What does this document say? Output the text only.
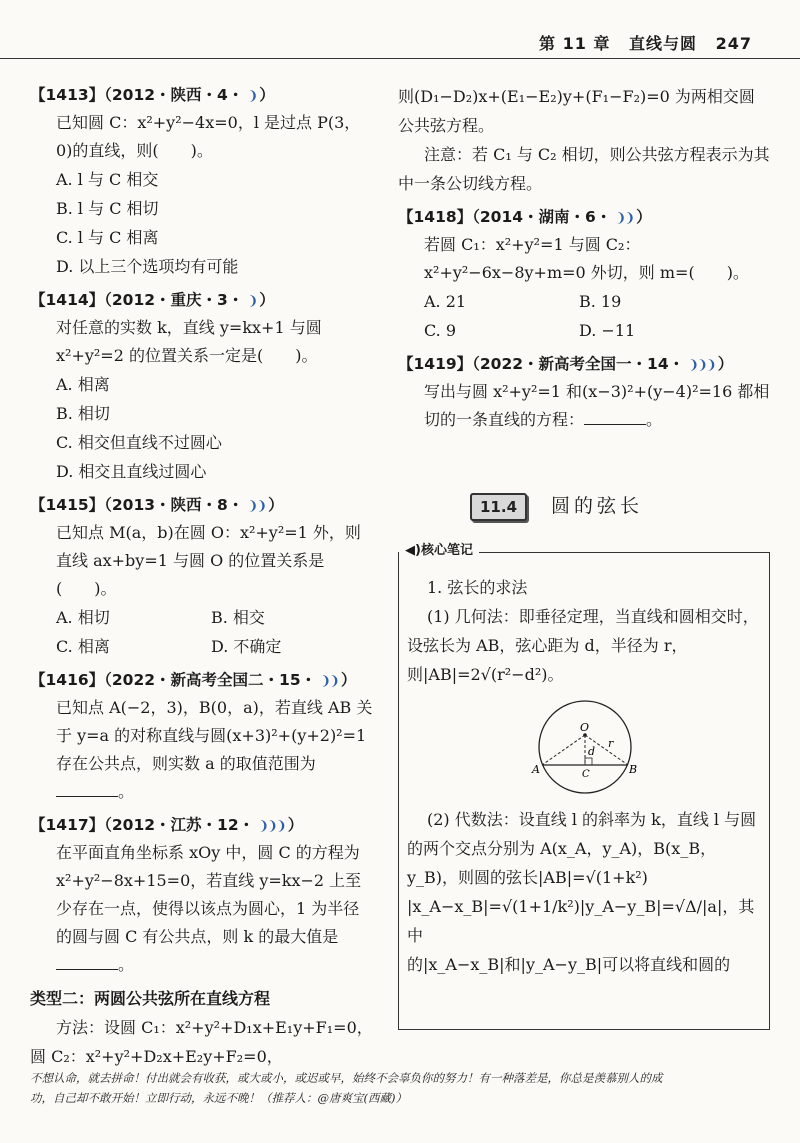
第 11 章 直线与圆 247
【1413】（2012・陕西・4・ ❩ ）
已知圆 C：x²+y²−4x=0，l 是过点 P(3，0)的直线，则(　　)。
A. l 与 C 相交
B. l 与 C 相切
C. l 与 C 相离
D. 以上三个选项均有可能
【1414】（2012・重庆・3・ ❩ ）
对任意的实数 k，直线 y=kx+1 与圆 x²+y²=2 的位置关系一定是(　　)。
A. 相离
B. 相切
C. 相交但直线不过圆心
D. 相交且直线过圆心
【1415】（2013・陕西・8・ ❩❩ ）
已知点 M(a，b)在圆 O：x²+y²=1 外，则直线 ax+by=1 与圆 O 的位置关系是(　　)。
A. 相切	B. 相交
C. 相离	D. 不确定
【1416】（2022・新高考全国二・15・ ❩❩ ）
已知点 A(−2，3)，B(0，a)，若直线 AB 关于 y=a 的对称直线与圆(x+3)²+(y+2)²=1 存在公共点，则实数 a 的取值范围为。
【1417】（2012・江苏・12・ ❩❩❩ ）
在平面直角坐标系 xOy 中，圆 C 的方程为 x²+y²−8x+15=0，若直线 y=kx−2 上至少存在一点，使得以该点为圆心，1 为半径的圆与圆 C 有公共点，则 k 的最大值是。
类型二：两圆公共弦所在直线方程
方法：设圆 C₁：x²+y²+D₁x+E₁y+F₁=0，圆 C₂：x²+y²+D₂x+E₂y+F₂=0，
则(D₁−D₂)x+(E₁−E₂)y+(F₁−F₂)=0 为两相交圆公共弦方程。
注意：若 C₁ 与 C₂ 相切，则公共弦方程表示为其中一条公切线方程。
【1418】（2014・湖南・6・ ❩❩ ）
若圆 C₁：x²+y²=1 与圆 C₂：x²+y²−6x−8y+m=0 外切，则 m=(　　)。
A. 21	B. 19
C. 9	D. −11
【1419】（2022・新高考全国一・14・ ❩❩❩ ）
写出与圆 x²+y²=1 和(x−3)²+(y−4)²=16 都相切的一条直线的方程：	。
11.4	圆的弦长
◀)核心笔记
1. 弦长的求法
(1) 几何法：即垂径定理，当直线和圆相交时，设弦长为 AB，弦心距为 d，半径为 r，则|AB|=2√(r²−d²)。
O
r
d
A	B
C
(2) 代数法：设直线 l 的斜率为 k，直线 l 与圆的两个交点分别为 A(x_A，y_A)，B(x_B，y_B)，则圆的弦长|AB|=√(1+k²)
|x_A−x_B|=√(1+1/k²)|y_A−y_B|=√Δ/|a|，其中
的|x_A−x_B|和|y_A−y_B|可以将直线和圆的
不想认命，就去拼命！付出就会有收获，或大或小，或迟或早，始终不会辜负你的努力！有一种落差是，你总是羡慕别人的成
功，自己却不敢开始！立即行动，永远不晚！（推荐人：@唐爽宝(西藏)）
